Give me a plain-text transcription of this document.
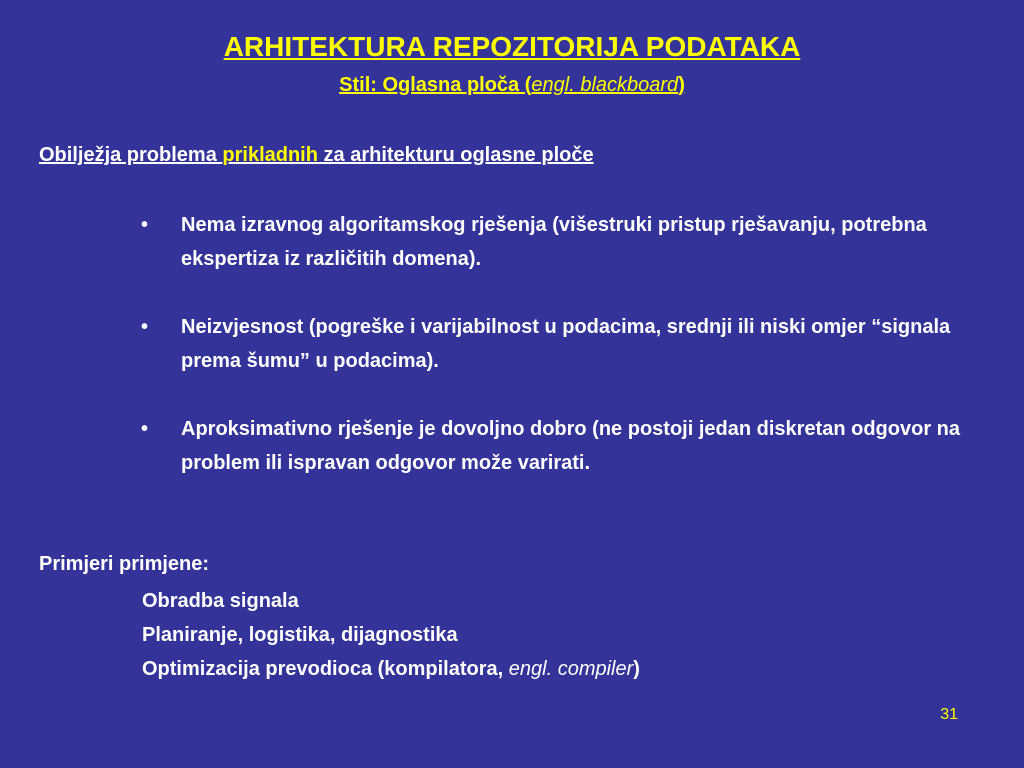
ARHITEKTURA REPOZITORIJA PODATAKA
Stil: Oglasna ploča (engl. blackboard)
Obilježja problema prikladnih za arhitekturu oglasne ploče
•	Nema izravnog algoritamskog rješenja (višestruki pristup rješavanju, potrebna ekspertiza iz različitih domena).
•	Neizvjesnost (pogreške i varijabilnost u podacima, srednji ili niski omjer “signala prema šumu” u podacima).
•	Aproksimativno rješenje je dovoljno dobro (ne postoji jedan diskretan odgovor na problem ili ispravan odgovor može varirati.
Primjeri primjene:
Obradba signala
Planiranje, logistika, dijagnostika
Optimizacija prevodioca (kompilatora, engl. compiler)
31
